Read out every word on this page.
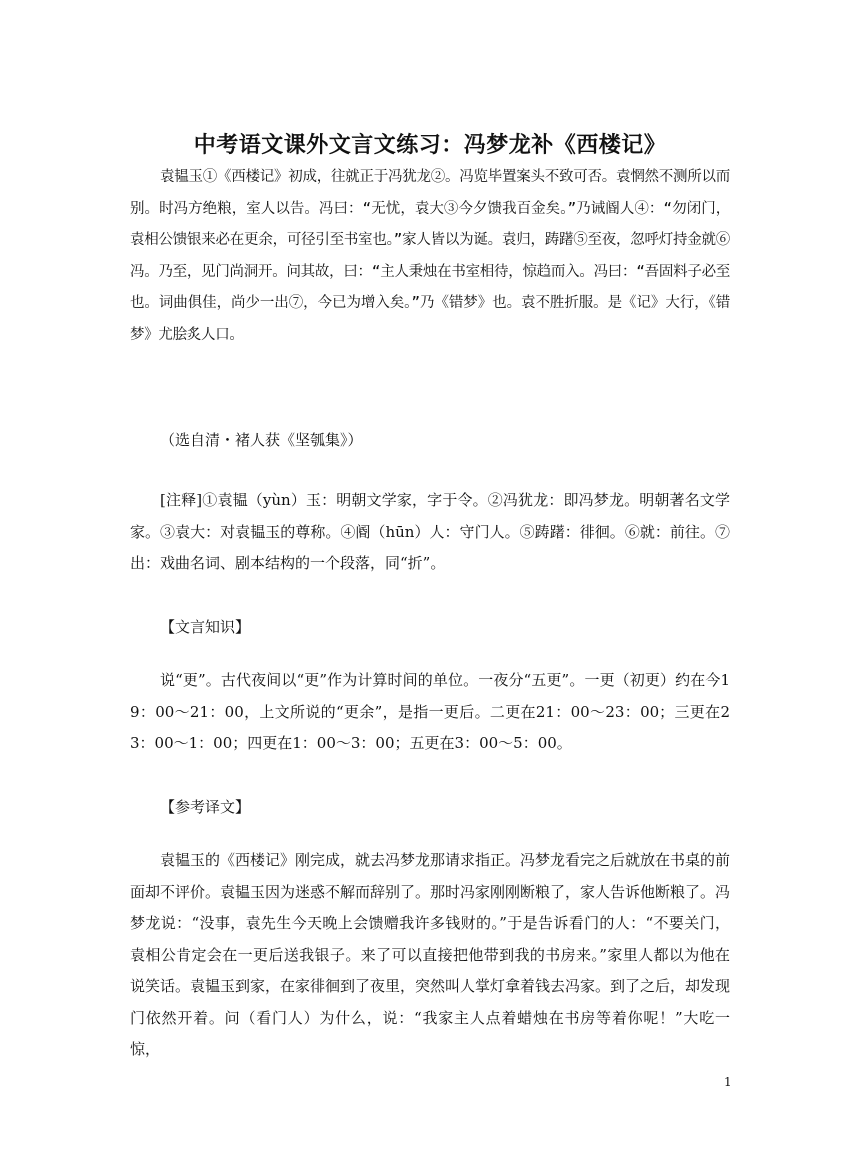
中考语文课外文言文练习：冯梦龙补《西楼记》

袁韫玉①《西楼记》初成，往就正于冯犹龙②。冯览毕置案头不致可否。袁惘然不测所以而别。时冯方绝粮，室人以告。冯曰：“无忧，袁大③今夕馈我百金矣。”乃诫阍人④：“勿闭门，袁相公馈银来必在更余，可径引至书室也。”家人皆以为诞。袁归，踌躇⑤至夜，忽呼灯持金就⑥冯。乃至，见门尚洞开。问其故，曰：“主人秉烛在书室相待，惊趋而入。冯曰：“吾固料子必至也。词曲俱佳，尚少一出⑦，今已为增入矣。”乃《错梦》也。袁不胜折服。是《记》大行，《错梦》尤脍炙人口。

（选自清・褚人获《坚瓠集》）

[注释]①袁韫（yùn）玉：明朝文学家，字于令。②冯犹龙：即冯梦龙。明朝著名文学家。③袁大：对袁韫玉的尊称。④阍（hūn）人：守门人。⑤踌躇：徘徊。⑥就：前往。⑦出：戏曲名词、剧本结构的一个段落，同“折”。

【文言知识】

说“更”。古代夜间以“更”作为计算时间的单位。一夜分“五更”。一更（初更）约在今19：00～21：00，上文所说的“更余”，是指一更后。二更在21：00～23：00；三更在23：00～1：00；四更在1：00～3：00；五更在3：00～5：00。

【参考译文】

袁韫玉的《西楼记》刚完成，就去冯梦龙那请求指正。冯梦龙看完之后就放在书桌的前面却不评价。袁韫玉因为迷惑不解而辞别了。那时冯家刚刚断粮了，家人告诉他断粮了。冯梦龙说：“没事，袁先生今天晚上会馈赠我许多钱财的。”于是告诉看门的人：“不要关门，袁相公肯定会在一更后送我银子。来了可以直接把他带到我的书房来。”家里人都以为他在说笑话。袁韫玉到家，在家徘徊到了夜里，突然叫人掌灯拿着钱去冯家。到了之后，却发现门依然开着。问（看门人）为什么，说：“我家主人点着蜡烛在书房等着你呢！”大吃一惊，

1
